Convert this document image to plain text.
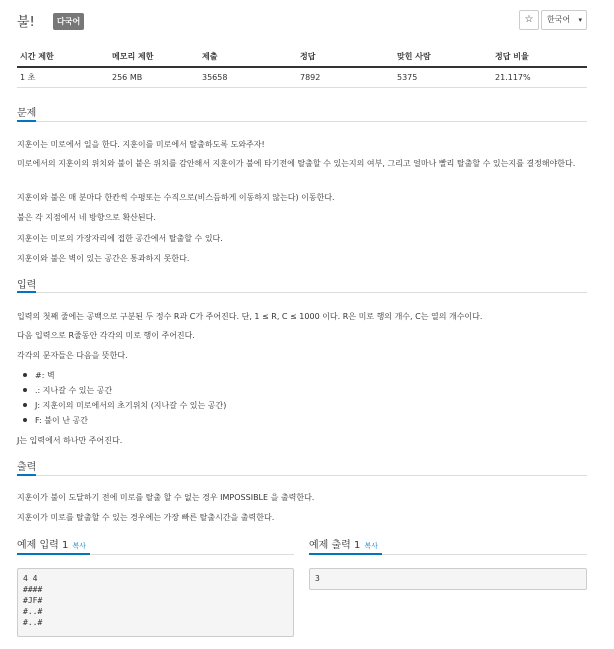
불!	다국어	☆	한국어 ▾
시간 제한	메모리 제한	제출	정답	맞힌 사람	정답 비율
1 초	256 MB	35658	7892	5375	21.117%
문제
지훈이는 미로에서 일을 한다. 지훈이를 미로에서 탈출하도록 도와주자!
미로에서의 지훈이의 위치와 불이 붙은 위치를 감안해서 지훈이가 불에 타기전에 탈출할 수 있는지의 여부, 그리고 얼마나 빨리 탈출할 수 있는지를 결정해야한다.
지훈이와 불은 매 분마다 한칸씩 수평또는 수직으로(비스듬하게 이동하지 않는다) 이동한다.
불은 각 지점에서 네 방향으로 확산된다.
지훈이는 미로의 가장자리에 접한 공간에서 탈출할 수 있다.
지훈이와 불은 벽이 있는 공간은 통과하지 못한다.
입력
입력의 첫째 줄에는 공백으로 구분된 두 정수 R과 C가 주어진다. 단, 1 ≤ R, C ≤ 1000 이다. R은 미로 행의 개수, C는 열의 개수이다.
다음 입력으로 R줄동안 각각의 미로 행이 주어진다.
각각의 문자들은 다음을 뜻한다.
#: 벽
.: 지나갈 수 있는 공간
J: 지훈이의 미로에서의 초기위치 (지나갈 수 있는 공간)
F: 불이 난 공간
J는 입력에서 하나만 주어진다.
출력
지훈이가 불이 도달하기 전에 미로를 탈출 할 수 없는 경우 IMPOSSIBLE 을 출력한다.
지훈이가 미로를 탈출할 수 있는 경우에는 가장 빠른 탈출시간을 출력한다.
예제 입력 1 복사
4 4
####
#JF#
#..#
#..#
예제 출력 1 복사
3
